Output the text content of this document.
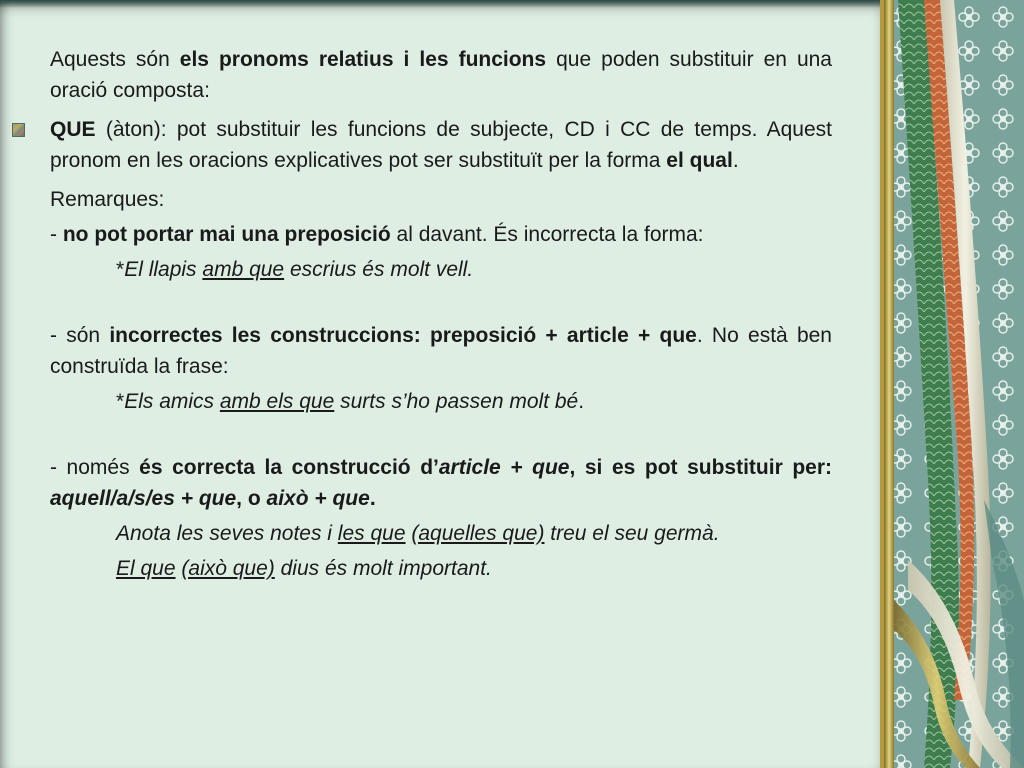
Aquests són els pronoms relatius i les funcions que poden substituir en una oració composta:

QUE (àton): pot substituir les funcions de subjecte, CD i CC de temps. Aquest pronom en les oracions explicatives pot ser substituït per la forma el qual.

Remarques:

- no pot portar mai una preposició al davant. És incorrecta la forma:

*El llapis amb que escrius és molt vell.

- són incorrectes les construccions: preposició + article + que. No està ben construïda la frase:

*Els amics amb els que surts s’ho passen molt bé.

- només és correcta la construcció d’article + que, si es pot substituir per: aquell/a/s/es + que, o això + que.

Anota les seves notes i les que (aquelles que) treu el seu germà.

El que (això que) dius és molt important.
